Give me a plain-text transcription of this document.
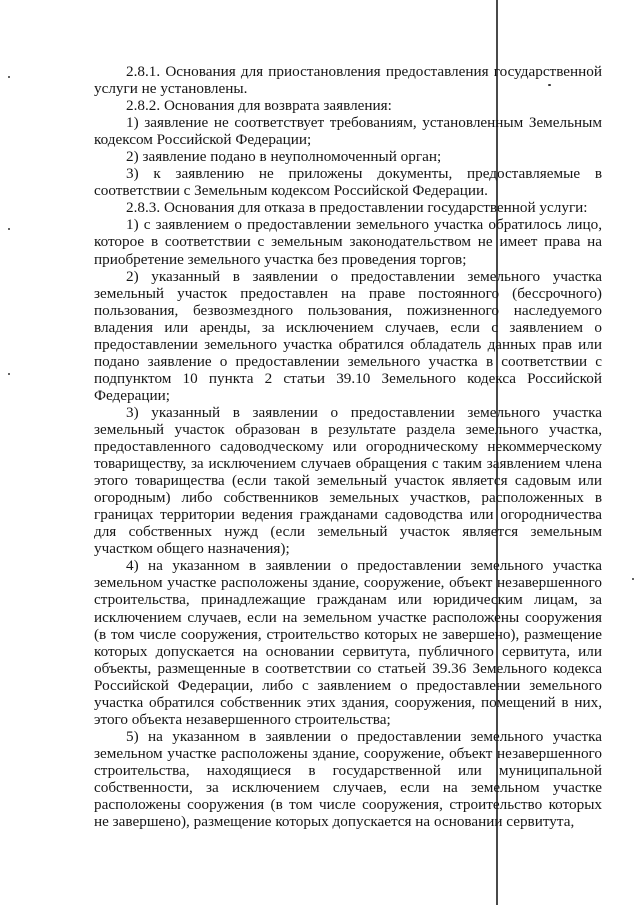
2.8.1. Основания для приостановления предоставления государственной услуги не установлены.

2.8.2. Основания для возврата заявления:

1) заявление не соответствует требованиям, установленным Земельным кодексом Российской Федерации;

2) заявление подано в неуполномоченный орган;

3) к заявлению не приложены документы, предоставляемые в соответствии с Земельным кодексом Российской Федерации.

2.8.3. Основания для отказа в предоставлении государственной услуги:

1) с заявлением о предоставлении земельного участка обратилось лицо, которое в соответствии с земельным законодательством не имеет права на приобретение земельного участка без проведения торгов;

2) указанный в заявлении о предоставлении земельного участка земельный участок предоставлен на праве постоянного (бессрочного) пользования, безвозмездного пользования, пожизненного наследуемого владения или аренды, за исключением случаев, если с заявлением о предоставлении земельного участка обратился обладатель данных прав или подано заявление о предоставлении земельного участка в соответствии с подпунктом 10 пункта 2 статьи 39.10 Земельного кодекса Российской Федерации;

3) указанный в заявлении о предоставлении земельного участка земельный участок образован в результате раздела земельного участка, предоставленного садоводческому или огородническому некоммерческому товариществу, за исключением случаев обращения с таким заявлением члена этого товарищества (если такой земельный участок является садовым или огородным) либо собственников земельных участков, расположенных в границах территории ведения гражданами садоводства или огородничества для собственных нужд (если земельный участок является земельным участком общего назначения);

4) на указанном в заявлении о предоставлении земельного участка земельном участке расположены здание, сооружение, объект незавершенного строительства, принадлежащие гражданам или юридическим лицам, за исключением случаев, если на земельном участке расположены сооружения (в том числе сооружения, строительство которых не завершено), размещение которых допускается на основании сервитута, публичного сервитута, или объекты, размещенные в соответствии со статьей 39.36 Земельного кодекса Российской Федерации, либо с заявлением о предоставлении земельного участка обратился собственник этих здания, сооружения, помещений в них, этого объекта незавершенного строительства;

5) на указанном в заявлении о предоставлении земельного участка земельном участке расположены здание, сооружение, объект незавершенного строительства, находящиеся в государственной или муниципальной собственности, за исключением случаев, если на земельном участке расположены сооружения (в том числе сооружения, строительство которых не завершено), размещение которых допускается на основании сервитута,
